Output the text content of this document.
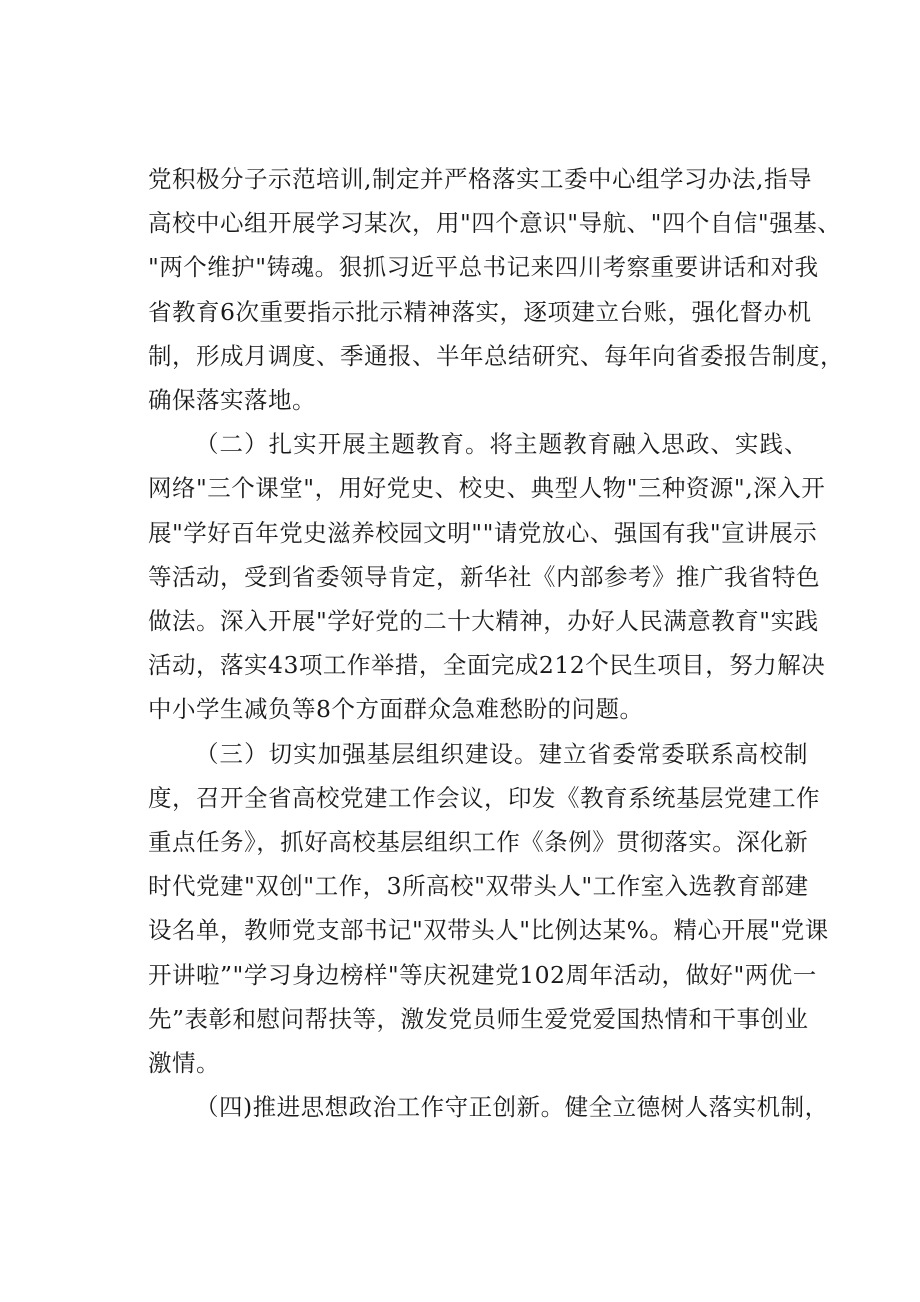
党积极分子示范培训,制定并严格落实工委中心组学习办法,指导
高校中心组开展学习某次，用"四个意识"导航、"四个自信"强基、
"两个维护"铸魂。狠抓习近平总书记来四川考察重要讲话和对我
省教育6次重要指示批示精神落实，逐项建立台账，强化督办机
制，形成月调度、季通报、半年总结研究、每年向省委报告制度，
确保落实落地。
（二）扎实开展主题教育。将主题教育融入思政、实践、
网络"三个课堂"，用好党史、校史、典型人物"三种资源",深入开
展"学好百年党史滋养校园文明""请党放心、强国有我"宣讲展示
等活动，受到省委领导肯定，新华社《内部参考》推广我省特色
做法。深入开展"学好党的二十大精神，办好人民满意教育"实践
活动，落实43项工作举措，全面完成212个民生项目，努力解决
中小学生减负等8个方面群众急难愁盼的问题。
（三）切实加强基层组织建设。建立省委常委联系高校制
度，召开全省高校党建工作会议，印发《教育系统基层党建工作
重点任务》，抓好高校基层组织工作《条例》贯彻落实。深化新
时代党建"双创"工作，3所高校"双带头人"工作室入选教育部建
设名单，教师党支部书记"双带头人"比例达某%。精心开展"党课
开讲啦”"学习身边榜样"等庆祝建党102周年活动，做好"两优一
先”表彰和慰问帮扶等，激发党员师生爱党爱国热情和干事创业
激情。
（四)推进思想政治工作守正创新。健全立德树人落实机制，
